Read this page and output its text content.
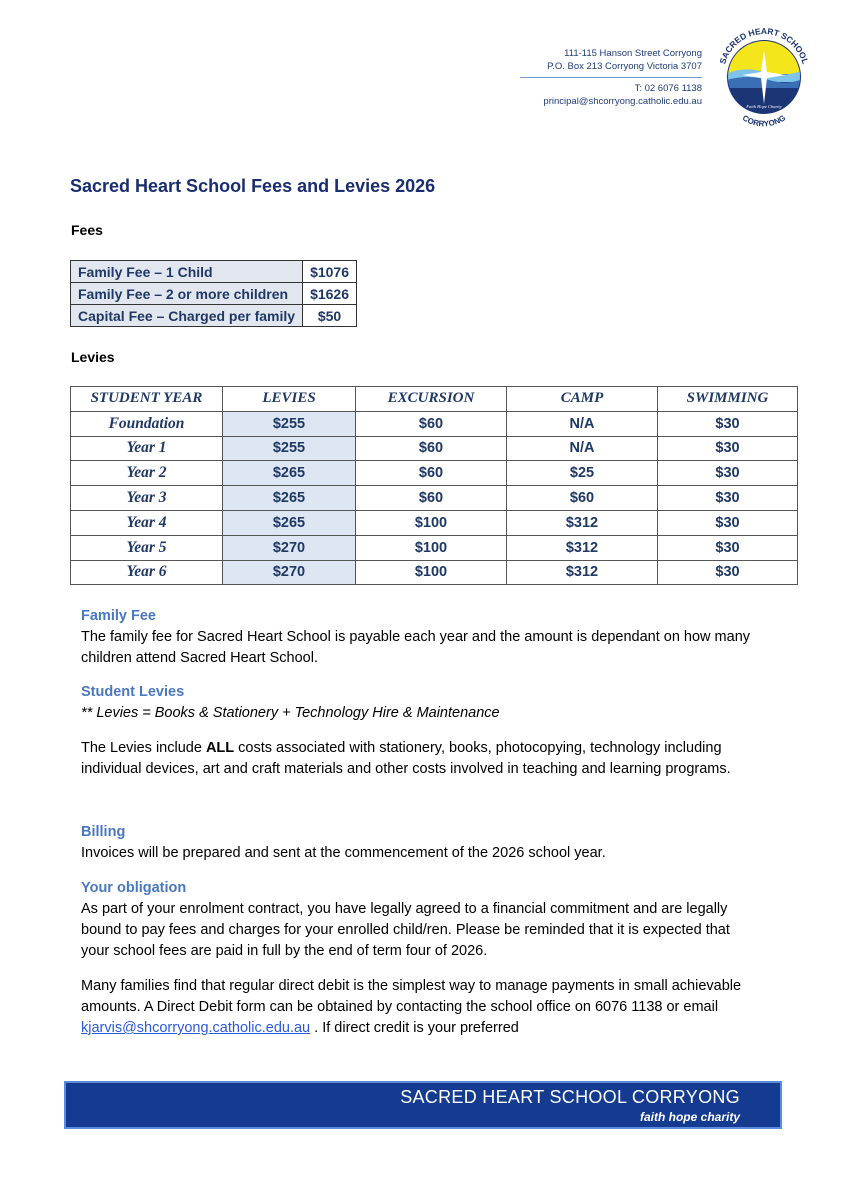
111-115 Hanson Street Corryong
P.O. Box 213 Corryong Victoria 3707
T: 02 6076 1138
principal@shcorryong.catholic.edu.au
SACRED HEART SCHOOL
CORRYONG
Faith Hope Charity
Sacred Heart School Fees and Levies 2026
Fees
Family Fee – 1 Child	$1076
Family Fee – 2 or more children	$1626
Capital Fee – Charged per family	$50
Levies
STUDENT YEAR	LEVIES	EXCURSION	CAMP	SWIMMING
Foundation	$255	$60	N/A	$30
Year 1	$255	$60	N/A	$30
Year 2	$265	$60	$25	$30
Year 3	$265	$60	$60	$30
Year 4	$265	$100	$312	$30
Year 5	$270	$100	$312	$30
Year 6	$270	$100	$312	$30
Family Fee

The family fee for Sacred Heart School is payable each year and the amount is dependant on how many children attend Sacred Heart School.

Student Levies

** Levies = Books & Stationery + Technology Hire & Maintenance

The Levies include ALL costs associated with stationery, books, photocopying, technology including individual devices, art and craft materials and other costs involved in teaching and learning programs.

Billing

Invoices will be prepared and sent at the commencement of the 2026 school year.

Your obligation

As part of your enrolment contract, you have legally agreed to a financial commitment and are legally bound to pay fees and charges for your enrolled child/ren. Please be reminded that it is expected that your school fees are paid in full by the end of term four of 2026.

Many families find that regular direct debit is the simplest way to manage payments in small achievable amounts. A Direct Debit form can be obtained by contacting the school office on 6076 1138 or email kjarvis@shcorryong.catholic.edu.au . If direct credit is your preferred

SACRED HEART SCHOOL CORRYONG
faith hope charity
